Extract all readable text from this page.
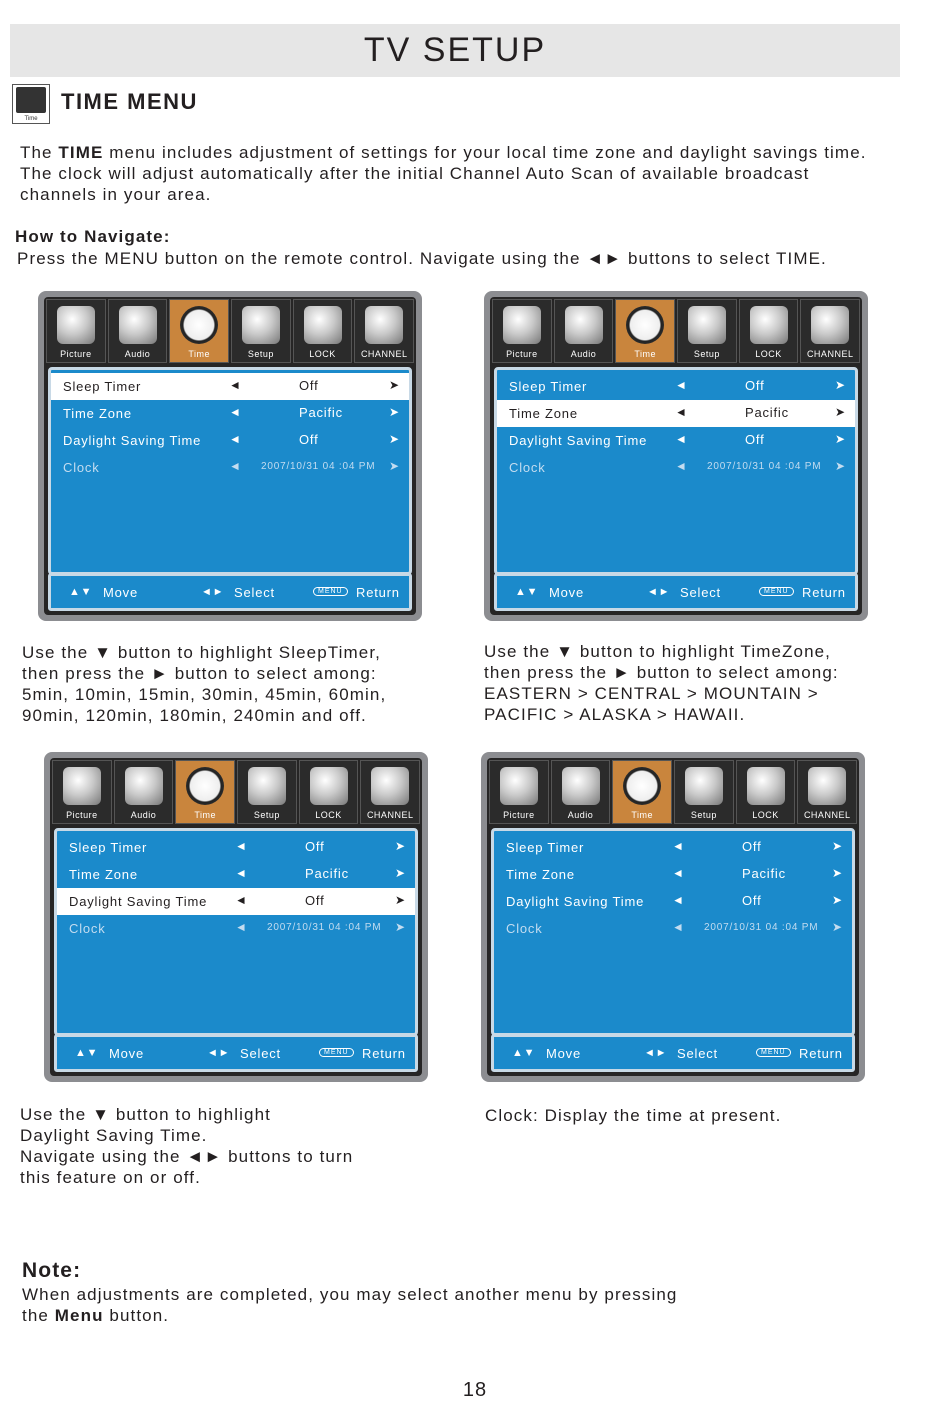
TV SETUP
Time
TIME MENU

The TIME menu includes adjustment of settings for your local time zone and daylight savings time.
The clock will adjust automatically after the initial Channel Auto Scan of available broadcast
channels in your area.

How to Navigate:
Press the MENU button on the remote control. Navigate using the ◄► buttons to select TIME.
Picture	Audio	Time	Setup	LOCK	CHANNEL
Sleep Timer	◄	Off	➤
Time Zone	◄	Pacific	➤
Daylight Saving Time ◄	Off	➤
Clock	◄ 2007/10/31 04 :04 PM ➤
▲▼ Move	◄► Select	MENU	Return
Picture	Audio	Time	Setup	LOCK	CHANNEL
Sleep Timer	◄	Off	➤
Time Zone	◄	Pacific	➤
Daylight Saving Time ◄	Off	➤
Clock	◄ 2007/10/31 04 :04 PM ➤
▲▼ Move	◄► Select	MENU	Return

Use the ▼ button to highlight SleepTimer,
then press the ► button to select among:
5min, 10min, 15min, 30min, 45min, 60min,
90min, 120min, 180min, 240min and off.

Use the ▼ button to highlight TimeZone,
then press the ► button to select among:
EASTERN > CENTRAL > MOUNTAIN >
PACIFIC > ALASKA > HAWAII.

Picture	Audio	Time	Setup	LOCK	CHANNEL
Sleep Timer	◄	Off	➤
Time Zone	◄	Pacific	➤
Daylight Saving Time ◄	Off	➤
Clock	◄ 2007/10/31 04 :04 PM ➤
▲▼ Move	◄► Select	MENU	Return
Picture	Audio	Time	Setup	LOCK	CHANNEL
Sleep Timer	◄	Off	➤
Time Zone	◄	Pacific	➤
Daylight Saving Time ◄	Off	➤
Clock	◄ 2007/10/31 04 :04 PM ➤
▲▼ Move	◄► Select	MENU	Return

Use the ▼ button to highlight
Daylight Saving Time.
Navigate using the ◄► buttons to turn
this feature on or off.

Clock: Display the time at present.

Note:
When adjustments are completed, you may select another menu by pressing
the Menu button.
18
